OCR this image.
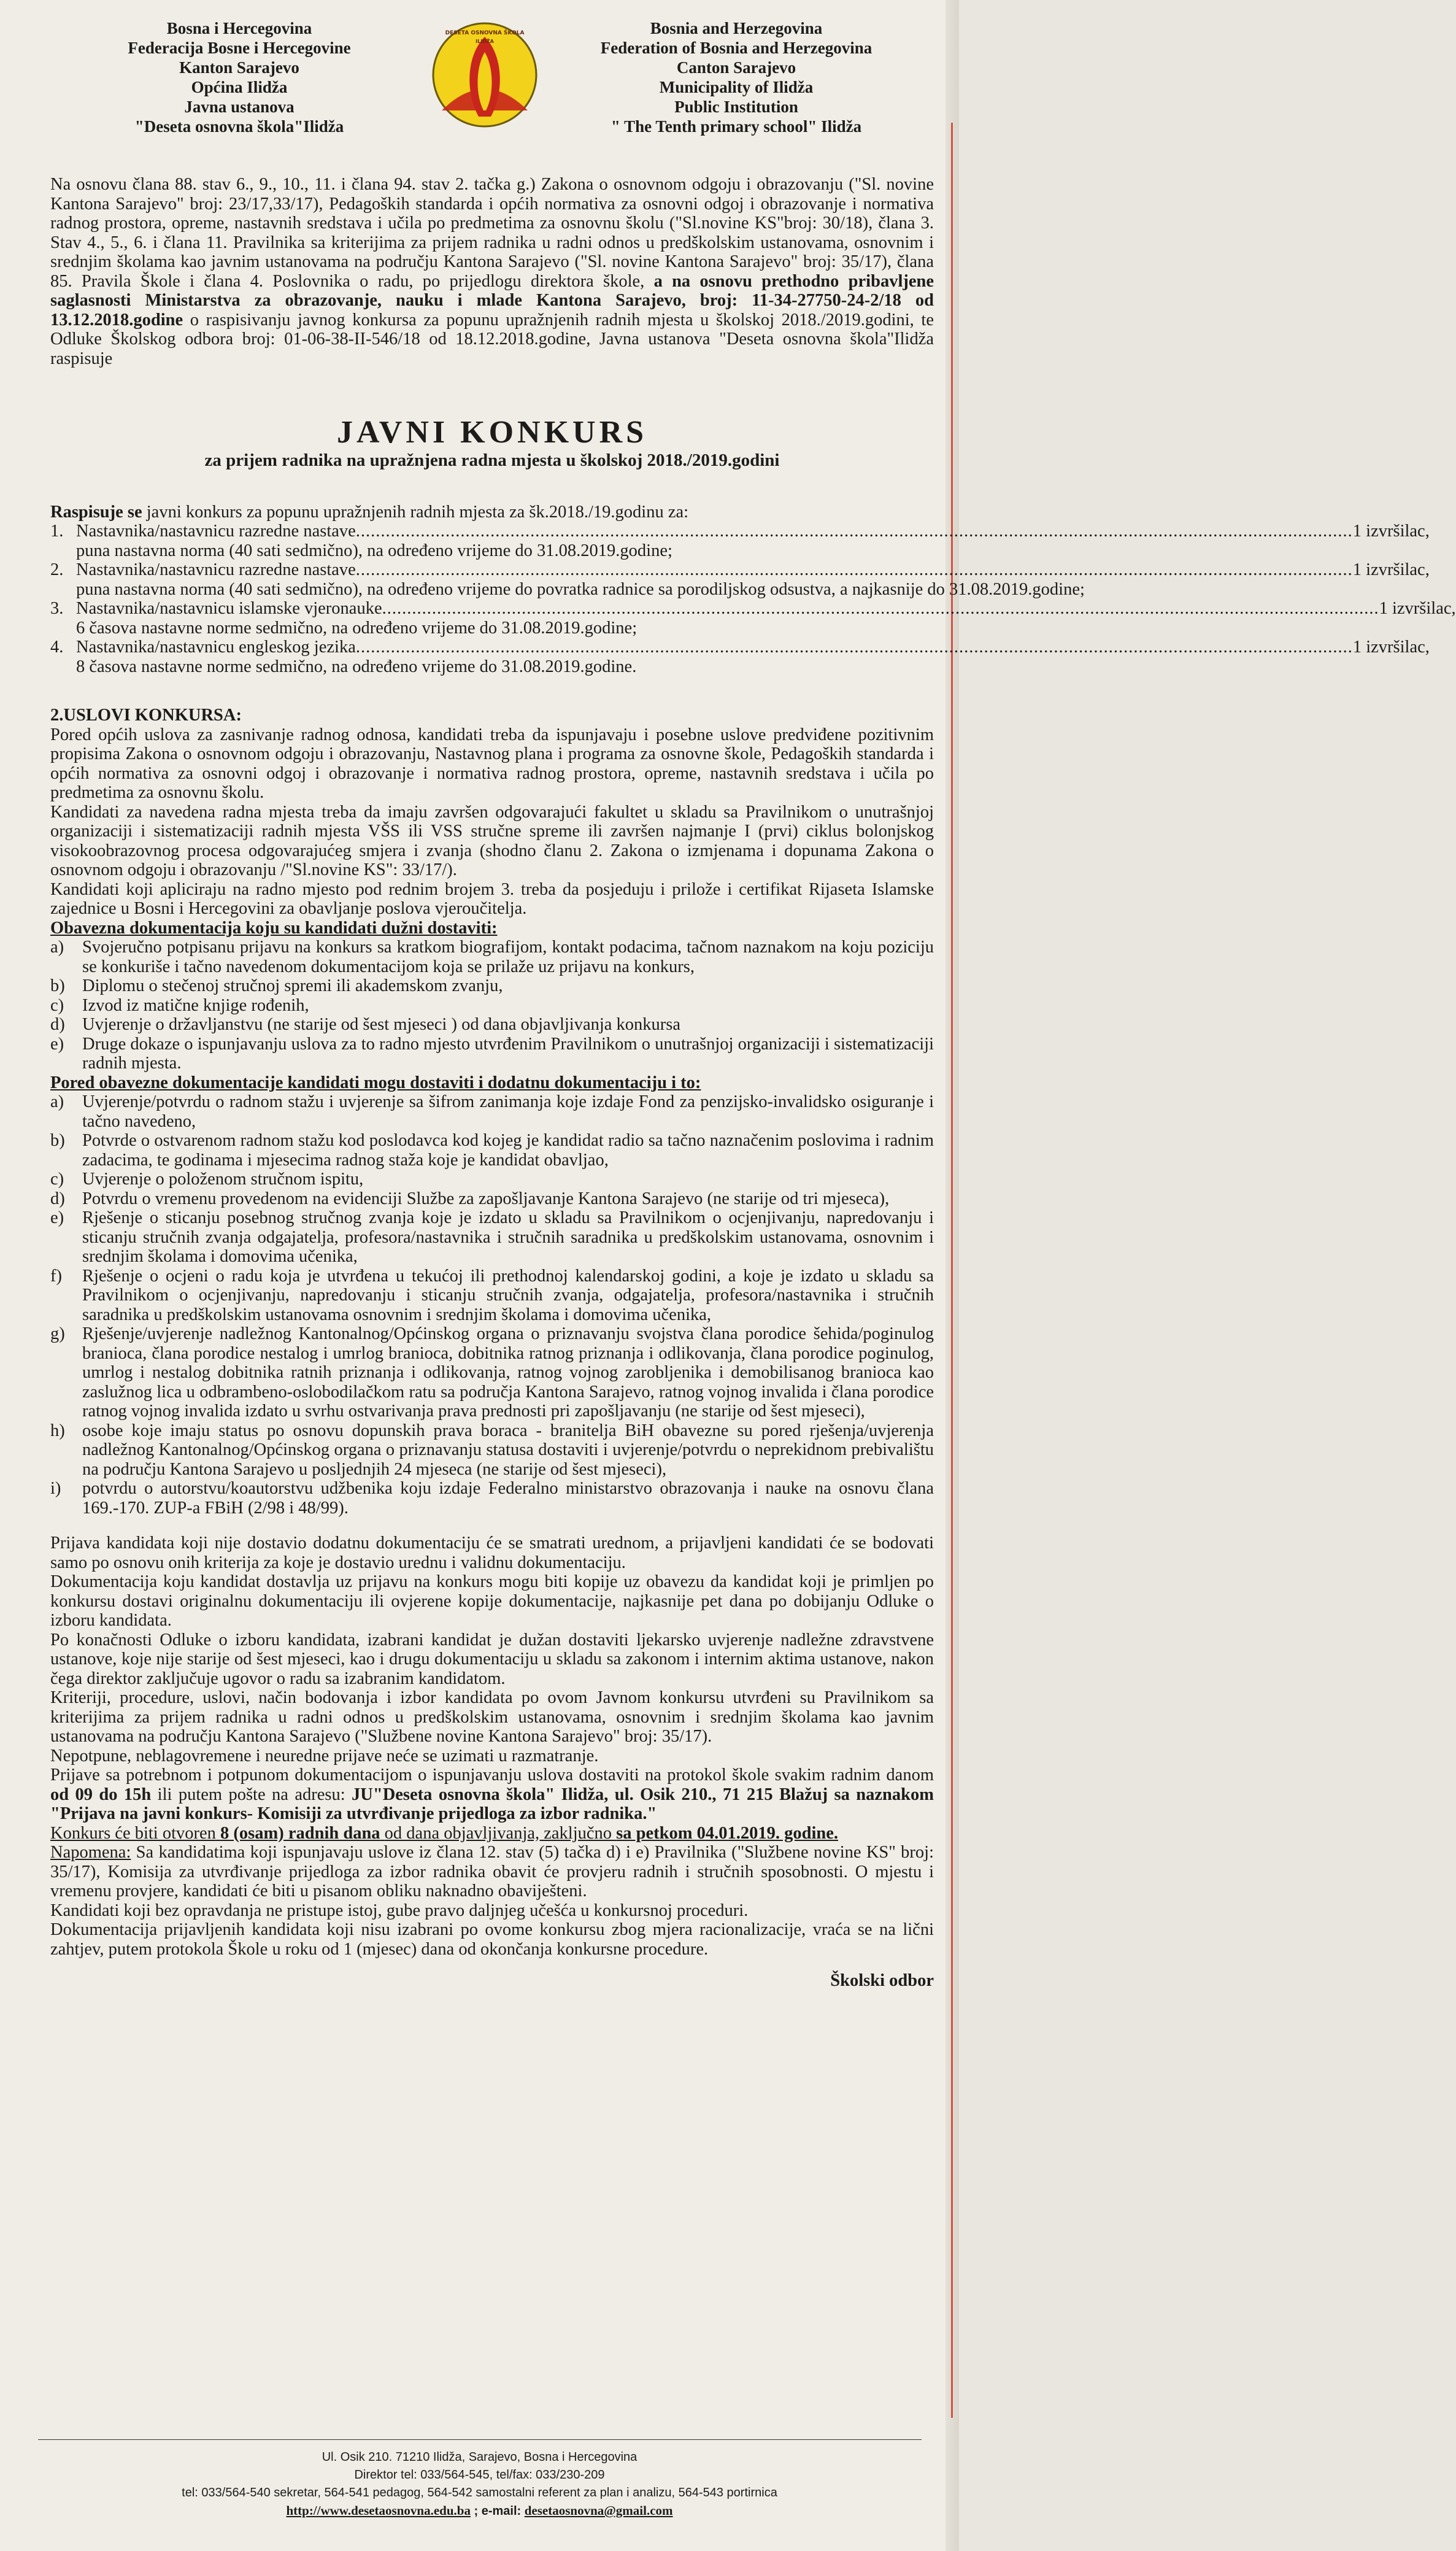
Bosna i Hercegovina
Federacija Bosne i Hercegovine
Kanton Sarajevo
Općina Ilidža
Javna ustanova
"Deseta osnovna škola"Ilidža
DESETA OSNOVNA ŠKOLA
ILIDŽA
Bosnia and Herzegovina
Federation of Bosnia and Herzegovina
Canton Sarajevo
Municipality of Ilidža
Public Institution
" The Tenth primary school" Ilidža

Na osnovu člana 88. stav 6., 9., 10., 11. i člana 94. stav 2. tačka g.) Zakona o osnovnom odgoju i obrazovanju ("Sl. novine Kantona Sarajevo" broj: 23/17,33/17), Pedagoških standarda i općih normativa za osnovni odgoj i obrazovanje i normativa radnog prostora, opreme, nastavnih sredstava i učila po predmetima za osnovnu školu ("Sl.novine KS"broj: 30/18), člana 3. Stav 4., 5., 6. i člana 11. Pravilnika sa kriterijima za prijem radnika u radni odnos u predškolskim ustanovama, osnovnim i srednjim školama kao javnim ustanovama na području Kantona Sarajevo ("Sl. novine Kantona Sarajevo" broj: 35/17), člana 85. Pravila Škole i člana 4. Poslovnika o radu, po prijedlogu direktora škole, a na osnovu prethodno pribavljene saglasnosti Ministarstva za obrazovanje, nauku i mlade Kantona Sarajevo, broj: 11-34-27750-24-2/18 od 13.12.2018.godine o raspisivanju javnog konkursa za popunu upražnjenih radnih mjesta u školskoj 2018./2019.godini, te Odluke Školskog odbora broj: 01-06-38-II-546/18 od 18.12.2018.godine, Javna ustanova "Deseta osnovna škola"Ilidža raspisuje

JAVNI KONKURS

za prijem radnika na upražnjena radna mjesta u školskoj 2018./2019.godini

Raspisuje se javni konkurs za popunu upražnjenih radnih mjesta za šk.2018./19.godinu za:

1. Nastavnika/nastavnicu razredne nastave ........................................................................................................................................................................................................ 1 izvršilac,
puna nastavna norma (40 sati sedmično), na određeno vrijeme do 31.08.2019.godine;
2. Nastavnika/nastavnicu razredne nastave ........................................................................................................................................................................................................ 1 izvršilac,
puna nastavna norma (40 sati sedmično), na određeno vrijeme do povratka radnice sa porodiljskog odsustva, a najkasnije do 31.08.2019.godine;
3. Nastavnika/nastavnicu islamske vjeronauke ........................................................................................................................................................................................................ 1 izvršilac,
6 časova nastavne norme sedmično, na određeno vrijeme do 31.08.2019.godine;
4. Nastavnika/nastavnicu engleskog jezika ........................................................................................................................................................................................................ 1 izvršilac,
8 časova nastavne norme sedmično, na određeno vrijeme do 31.08.2019.godine.

2.USLOVI KONKURSA:

Pored općih uslova za zasnivanje radnog odnosa, kandidati treba da ispunjavaju i posebne uslove predviđene pozitivnim propisima Zakona o osnovnom odgoju i obrazovanju, Nastavnog plana i programa za osnovne škole, Pedagoških standarda i općih normativa za osnovni odgoj i obrazovanje i normativa radnog prostora, opreme, nastavnih sredstava i učila po predmetima za osnovnu školu.

Kandidati za navedena radna mjesta treba da imaju završen odgovarajući fakultet u skladu sa Pravilnikom o unutrašnjoj organizaciji i sistematizaciji radnih mjesta VŠS ili VSS stručne spreme ili završen najmanje I (prvi) ciklus bolonjskog visokoobrazovnog procesa odgovarajućeg smjera i zvanja (shodno članu 2. Zakona o izmjenama i dopunama Zakona o osnovnom odgoju i obrazovanju /"Sl.novine KS": 33/17/).

Kandidati koji apliciraju na radno mjesto pod rednim brojem 3. treba da posjeduju i prilože i certifikat Rijaseta Islamske zajednice u Bosni i Hercegovini za obavljanje poslova vjeroučitelja.

Obavezna dokumentacija koju su kandidati dužni dostaviti:

a)	Svojeručno potpisanu prijavu na konkurs sa kratkom biografijom, kontakt podacima, tačnom naznakom na koju poziciju se konkuriše i tačno navedenom dokumentacijom koja se prilaže uz prijavu na konkurs,
b) Diplomu o stečenoj stručnoj spremi ili akademskom zvanju,
c)	Izvod iz matične knjige rođenih,
d) Uvjerenje o državljanstvu (ne starije od šest mjeseci ) od dana objavljivanja konkursa
e)	Druge dokaze o ispunjavanju uslova za to radno mjesto utvrđenim Pravilnikom o unutrašnjoj organizaciji i sistematizaciji radnih mjesta.

Pored obavezne dokumentacije kandidati mogu dostaviti i dodatnu dokumentaciju i to:

a)	Uvjerenje/potvrdu o radnom stažu i uvjerenje sa šifrom zanimanja koje izdaje Fond za penzijsko-invalidsko osiguranje i tačno navedeno,
b) Potvrde o ostvarenom radnom stažu kod poslodavca kod kojeg je kandidat radio sa tačno naznačenim poslovima i radnim zadacima, te godinama i mjesecima radnog staža koje je kandidat obavljao,
c)	Uvjerenje o položenom stručnom ispitu,
d) Potvrdu o vremenu provedenom na evidenciji Službe za zapošljavanje Kantona Sarajevo (ne starije od tri mjeseca),
e)	Rješenje o sticanju posebnog stručnog zvanja koje je izdato u skladu sa Pravilnikom o ocjenjivanju, napredovanju i sticanju stručnih zvanja odgajatelja, profesora/nastavnika i stručnih saradnika u predškolskim ustanovama, osnovnim i srednjim školama i domovima učenika,
f)	Rješenje o ocjeni o radu koja je utvrđena u tekućoj ili prethodnoj kalendarskoj godini, a koje je izdato u skladu sa Pravilnikom o ocjenjivanju, napredovanju i sticanju stručnih zvanja, odgajatelja, profesora/nastavnika i stručnih saradnika u predškolskim ustanovama osnovnim i srednjim školama i domovima učenika,
g) Rješenje/uvjerenje nadležnog Kantonalnog/Općinskog organa o priznavanju svojstva člana porodice šehida/poginulog branioca, člana porodice nestalog i umrlog branioca, dobitnika ratnog priznanja i odlikovanja, člana porodice poginulog, umrlog i nestalog dobitnika ratnih priznanja i odlikovanja, ratnog vojnog zarobljenika i demobilisanog branioca kao zaslužnog lica u odbrambeno-oslobodilačkom ratu sa područja Kantona Sarajevo, ratnog vojnog invalida i člana porodice ratnog vojnog invalida izdato u svrhu ostvarivanja prava prednosti pri zapošljavanju (ne starije od šest mjeseci),
h) osobe koje imaju status po osnovu dopunskih prava boraca - branitelja BiH obavezne su pored rješenja/uvjerenja nadležnog Kantonalnog/Općinskog organa o priznavanju statusa dostaviti i uvjerenje/potvrdu o neprekidnom prebivalištu na području Kantona Sarajevo u posljednjih 24 mjeseca (ne starije od šest mjeseci),
i)	potvrdu o autorstvu/koautorstvu udžbenika koju izdaje Federalno ministarstvo obrazovanja i nauke na osnovu člana 169.-170. ZUP-a FBiH (2/98 i 48/99).

Prijava kandidata koji nije dostavio dodatnu dokumentaciju će se smatrati urednom, a prijavljeni kandidati će se bodovati samo po osnovu onih kriterija za koje je dostavio urednu i validnu dokumentaciju.

Dokumentacija koju kandidat dostavlja uz prijavu na konkurs mogu biti kopije uz obavezu da kandidat koji je primljen po konkursu dostavi originalnu dokumentaciju ili ovjerene kopije dokumentacije, najkasnije pet dana po dobijanju Odluke o izboru kandidata.

Po konačnosti Odluke o izboru kandidata, izabrani kandidat je dužan dostaviti ljekarsko uvjerenje nadležne zdravstvene ustanove, koje nije starije od šest mjeseci, kao i drugu dokumentaciju u skladu sa zakonom i internim aktima ustanove, nakon čega direktor zaključuje ugovor o radu sa izabranim kandidatom.

Kriteriji, procedure, uslovi, način bodovanja i izbor kandidata po ovom Javnom konkursu utvrđeni su Pravilnikom sa kriterijima za prijem radnika u radni odnos u predškolskim ustanovama, osnovnim i srednjim školama kao javnim ustanovama na području Kantona Sarajevo ("Službene novine Kantona Sarajevo" broj: 35/17).

Nepotpune, neblagovremene i neuredne prijave neće se uzimati u razmatranje.

Prijave sa potrebnom i potpunom dokumentacijom o ispunjavanju uslova dostaviti na protokol škole svakim radnim danom od 09 do 15h ili putem pošte na adresu: JU"Deseta osnovna škola" Ilidža, ul. Osik 210., 71 215 Blažuj sa naznakom "Prijava na javni konkurs- Komisiji za utvrđivanje prijedloga za izbor radnika."

Konkurs će biti otvoren 8 (osam) radnih dana od dana objavljivanja, zaključno sa petkom 04.01.2019. godine.

Napomena: Sa kandidatima koji ispunjavaju uslove iz člana 12. stav (5) tačka d) i e) Pravilnika ("Službene novine KS" broj: 35/17), Komisija za utvrđivanje prijedloga za izbor radnika obavit će provjeru radnih i stručnih sposobnosti. O mjestu i vremenu provjere, kandidati će biti u pisanom obliku naknadno obaviješteni.

Kandidati koji bez opravdanja ne pristupe istoj, gube pravo daljnjeg učešća u konkursnoj proceduri.

Dokumentacija prijavljenih kandidata koji nisu izabrani po ovome konkursu zbog mjera racionalizacije, vraća se na lični zahtjev, putem protokola Škole u roku od 1 (mjesec) dana od okončanja konkursne procedure.

Školski odbor

Ul. Osik 210. 71210 Ilidža, Sarajevo, Bosna i Hercegovina
Direktor tel: 033/564-545, tel/fax: 033/230-209
tel: 033/564-540 sekretar, 564-541 pedagog, 564-542 samostalni referent za plan i analizu, 564-543 portirnica
http://www.desetaosnovna.edu.ba ; e-mail: desetaosnovna@gmail.com
